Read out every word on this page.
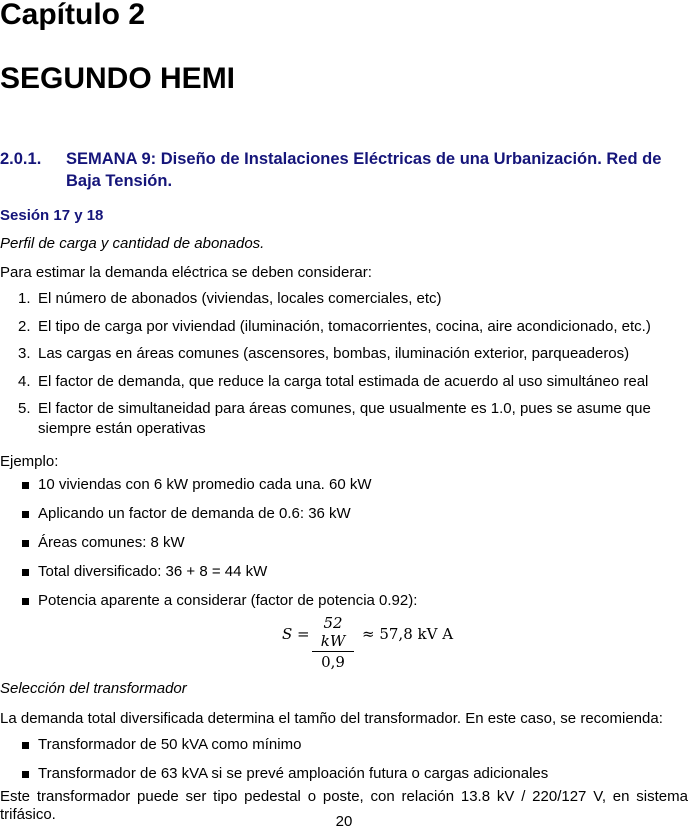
Capítulo 2
SEGUNDO HEMI
2.0.1. SEMANA 9: Diseño de Instalaciones Eléctricas de una Urbanización. Red de Baja Tensión.
Sesión 17 y 18

Perfil de carga y cantidad de abonados.

Para estimar la demanda eléctrica se deben considerar:

1. El número de abonados (viviendas, locales comerciales, etc)
2. El tipo de carga por viviendad (iluminación, tomacorrientes, cocina, aire acondicionado, etc.)
3. Las cargas en áreas comunes (ascensores, bombas, iluminación exterior, parqueaderos)
4. El factor de demanda, que reduce la carga total estimada de acuerdo al uso simultáneo real
5. El factor de simultaneidad para áreas comunes, que usualmente es 1.0, pues se asume que siempre están operativas

Ejemplo:

10 viviendas con 6 kW promedio cada una. 60 kW
Aplicando un factor de demanda de 0.6: 36 kW
Áreas comunes: 8 kW
Total diversificado: 36 + 8 = 44 kW
Potencia aparente a considerar (factor de potencia 0.92):
S =
52 kW
0,9
≈ 57,8 kV A

Selección del transformador

La demanda total diversificada determina el tamño del transformador. En este caso, se recomienda:

Transformador de 50 kVA como mínimo
Transformador de 63 kVA si se prevé amploación futura o cargas adicionales

Este transformador puede ser tipo pedestal o poste, con relación 13.8 kV / 220/127 V, en sistema trifásico.	20
